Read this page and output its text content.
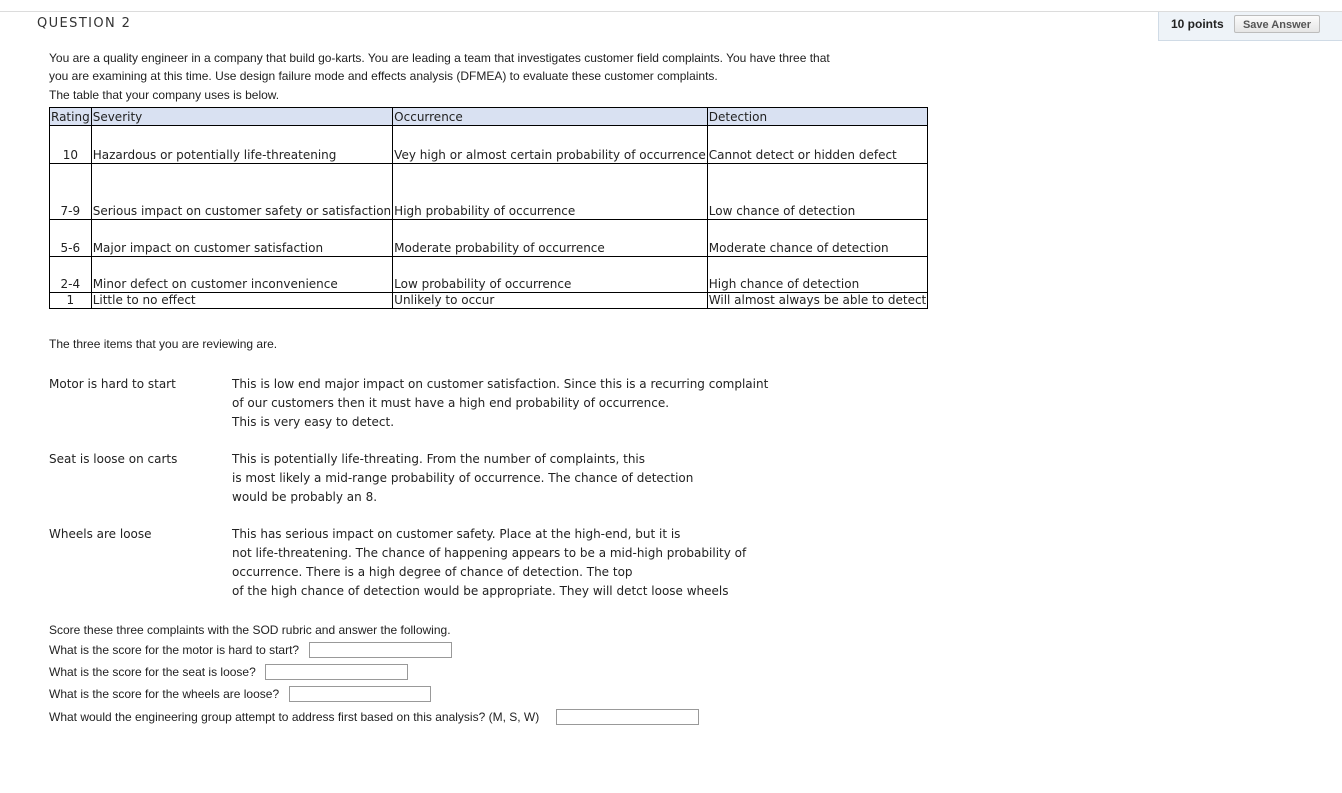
QUESTION 2	10 points	Save Answer
You are a quality engineer in a company that build go-karts. You are leading a team that investigates customer field complaints. You have three that
you are examining at this time. Use design failure mode and effects analysis (DFMEA) to evaluate these customer complaints.
The table that your company uses is below.
Rating	Severity	Occurrence	Detection
10	Hazardous or potentially life-threatening	Vey high or almost certain probability of occurrence	Cannot detect or hidden defect
7-9	Serious impact on customer safety or satisfaction	High probability of occurrence	Low chance of detection
5-6	Major impact on customer satisfaction	Moderate probability of occurrence	Moderate chance of detection
2-4	Minor defect on customer inconvenience	Low probability of occurrence	High chance of detection
1	Little to no effect	Unlikely to occur	Will almost always be able to detect
The three items that you are reviewing are.
Motor is hard to start	This is low end major impact on customer satisfaction. Since this is a recurring complaint
of our customers then it must have a high end probability of occurrence.
This is very easy to detect.
Seat is loose on carts	This is potentially life-threating. From the number of complaints, this
is most likely a mid-range probability of occurrence. The chance of detection
would be probably an 8.
Wheels are loose	This has serious impact on customer safety. Place at the high-end, but it is
not life-threatening. The chance of happening appears to be a mid-high probability of
occurrence. There is a high degree of chance of detection. The top
of the high chance of detection would be appropriate. They will detct loose wheels
Score these three complaints with the SOD rubric and answer the following.
What is the score for the motor is hard to start?
What is the score for the seat is loose?
What is the score for the wheels are loose?
What would the engineering group attempt to address first based on this analysis? (M, S, W)
